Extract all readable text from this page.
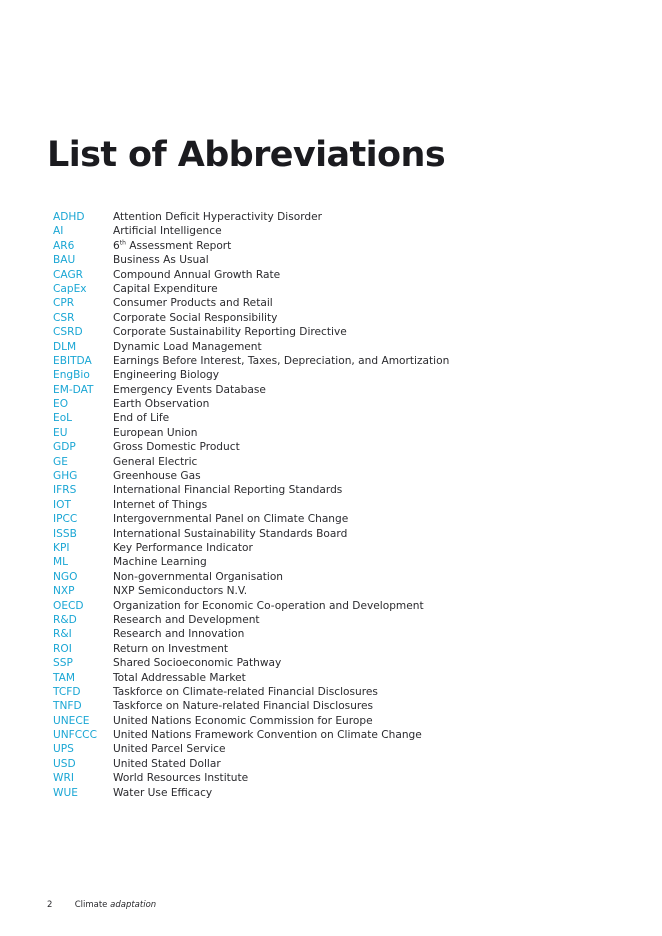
List of Abbreviations
ADHD	Attention Deficit Hyperactivity Disorder
AI	Artificial Intelligence
AR6	6th Assessment Report
BAU	Business As Usual
CAGR	Compound Annual Growth Rate
CapEx	Capital Expenditure
CPR	Consumer Products and Retail
CSR	Corporate Social Responsibility
CSRD	Corporate Sustainability Reporting Directive
DLM	Dynamic Load Management
EBITDA	Earnings Before Interest, Taxes, Depreciation, and Amortization
EngBio	Engineering Biology
EM-DAT	Emergency Events Database
EO	Earth Observation
EoL	End of Life
EU	European Union
GDP	Gross Domestic Product
GE	General Electric
GHG	Greenhouse Gas
IFRS	International Financial Reporting Standards
IOT	Internet of Things
IPCC	Intergovernmental Panel on Climate Change
ISSB	International Sustainability Standards Board
KPI	Key Performance Indicator
ML	Machine Learning
NGO	Non-governmental Organisation
NXP	NXP Semiconductors N.V.
OECD	Organization for Economic Co-operation and Development
R&D	Research and Development
R&I	Research and Innovation
ROI	Return on Investment
SSP	Shared Socioeconomic Pathway
TAM	Total Addressable Market
TCFD	Taskforce on Climate-related Financial Disclosures
TNFD	Taskforce on Nature-related Financial Disclosures
UNECE	United Nations Economic Commission for Europe
UNFCCC	United Nations Framework Convention on Climate Change
UPS	United Parcel Service
USD	United Stated Dollar
WRI	World Resources Institute
WUE	Water Use Efficacy
2	Climate adaptation
